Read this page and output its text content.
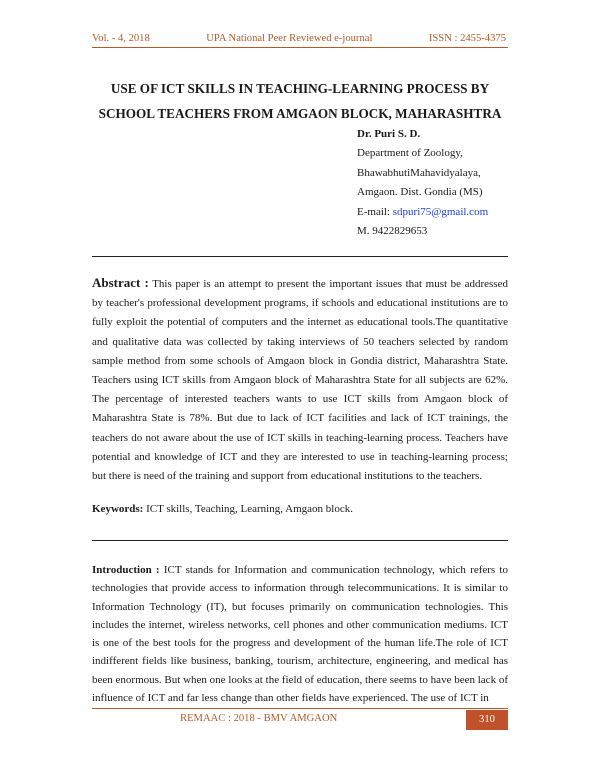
Vol. - 4, 2018	UPA National Peer Reviewed e-journal	ISSN : 2455-4375
USE OF ICT SKILLS IN TEACHING-LEARNING PROCESS BY
SCHOOL TEACHERS FROM AMGAON BLOCK, MAHARASHTRA
Dr. Puri S. D.
Department of Zoology,
BhawabhutiMahavidyalaya,
Amgaon. Dist. Gondia (MS)
E-mail: sdpuri75@gmail.com
M. 9422829653

Abstract : This paper is an attempt to present the important issues that must be addressed by teacher's professional development programs, if schools and educational institutions are to fully exploit the potential of computers and the internet as educational tools.The quantitative and qualitative data was collected by taking interviews of 50 teachers selected by random sample method from some schools of Amgaon block in Gondia district, Maharashtra State. Teachers using ICT skills from Amgaon block of Maharashtra State for all subjects are 62%. The percentage of interested teachers wants to use ICT skills from Amgaon block of Maharashtra State is 78%. But due to lack of ICT facilities and lack of ICT trainings, the teachers do not aware about the use of ICT skills in teaching-learning process. Teachers have potential and knowledge of ICT and they are interested to use in teaching-learning process; but there is need of the training and support from educational institutions to the teachers.

Keywords: ICT skills, Teaching, Learning, Amgaon block.

Introduction : ICT stands for Information and communication technology, which refers to technologies that provide access to information through telecommunications. It is similar to Information Technology (IT), but focuses primarily on communication technologies. This includes the internet, wireless networks, cell phones and other communication mediums. ICT is one of the best tools for the progress and development of the human life.The role of ICT indifferent fields like business, banking, tourism, architecture, engineering, and medical has been enormous. But when one looks at the field of education, there seems to have been lack of influence of ICT and far less change than other fields have experienced. The use of ICT in

REMAAC : 2018 - BMV AMGAON	310
